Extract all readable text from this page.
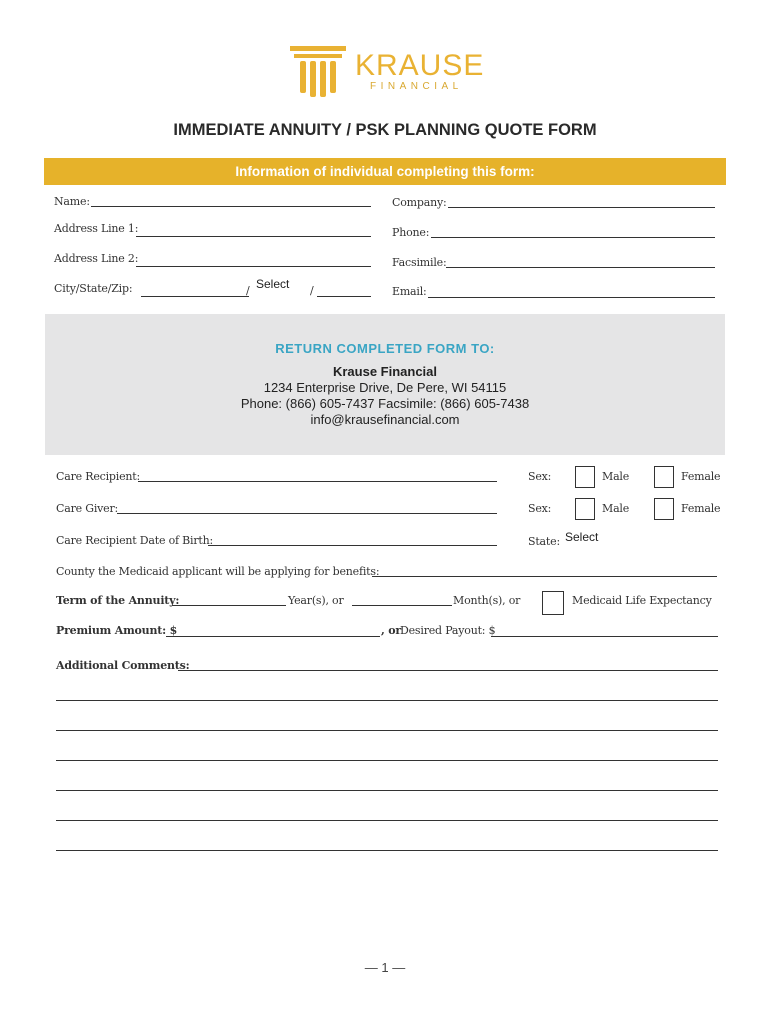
KRAUSE
FINANCIAL
IMMEDIATE ANNUITY / PSK PLANNING QUOTE FORM
Information of individual completing this form:
Name:	Company:
Address Line 1:	Phone:
Address Line 2:	Facsimile:
City/State/Zip:	/ Select /	Email:
RETURN COMPLETED FORM TO:
Krause Financial
1234 Enterprise Drive, De Pere, WI 54115
Phone: (866) 605-7437 Facsimile: (866) 605-7438
info@krausefinancial.com
Care Recipient:	Sex:	Male	Female
Care Giver:	Sex:	Male	Female
Care Recipient Date of Birth:	State: Select
County the Medicaid applicant will be applying for benefits:
Term of the Annuity:	Year(s), or	Month(s), or	Medicaid Life Expectancy
Premium Amount: $	, or Desired Payout: $
Additional Comments:
— 1 —
